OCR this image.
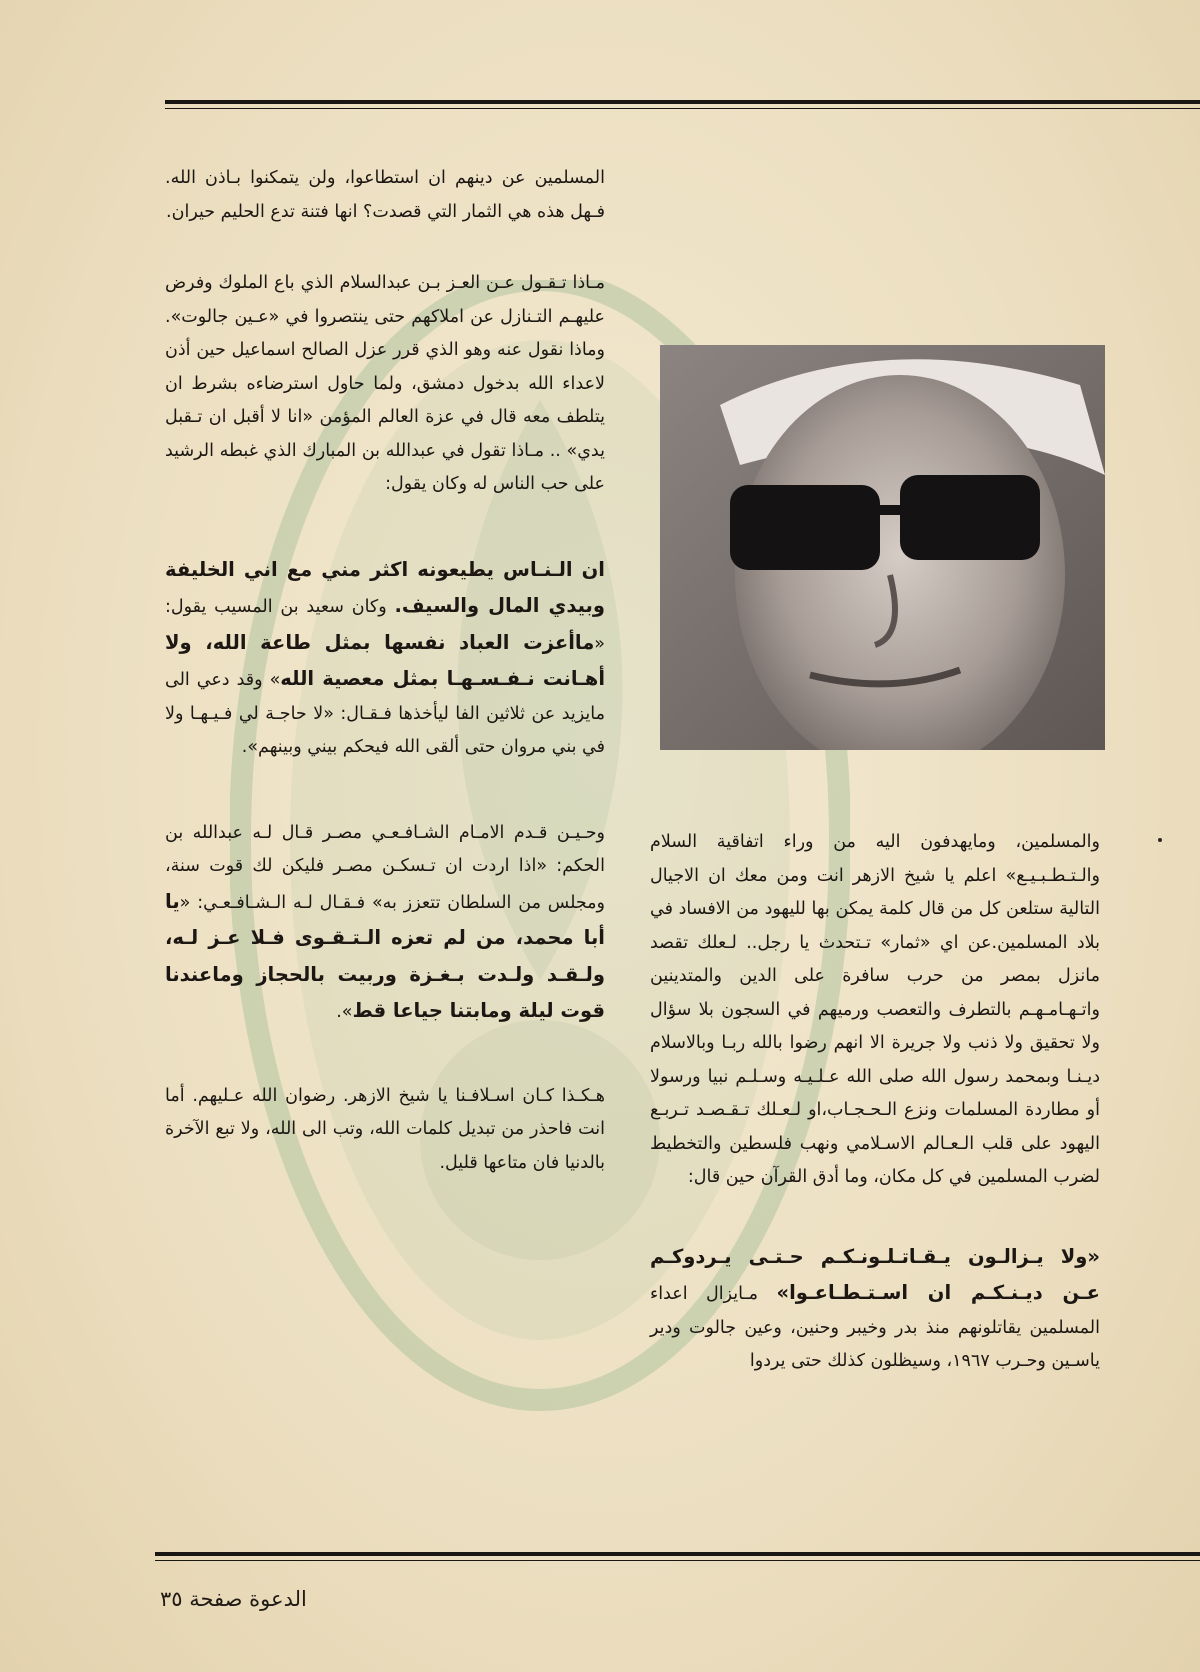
المسلمين عن دينهم ان استطاعوا، ولن يتمكنوا بـاذن الله. فـهل هذه هي الثمار التي قصدت؟ انها فتنة تدع الحليم حيران.

مـاذا تـقـول عـن العـز بـن عبدالسلام الذي باع الملوك وفرض عليهـم التـنازل عن املاكهم حتى ينتصروا في «عـين جالوت». وماذا نقول عنه وهو الذي قرر عزل الصالح اسماعيل حين أذن لاعداء الله بدخول دمشق، ولما حاول استرضاءه بشرط ان يتلطف معه قال في عزة العالم المؤمن «انا لا أقبل ان تـقبل يدي» .. مـاذا تقول في عبدالله بن المبارك الذي غبطه الرشيد على حب الناس له وكان يقول:

ان الـنـاس يطيعونه اكثر مني مع اني الخليفة وبيدي المال والسيف. وكان سعيد بن المسيب يقول: «ماأعزت العباد نفسها بمثل طاعة الله، ولا أهـانت نـفـسـهـا بمثل معصية الله» وقد دعي الى مايزيد عن ثلاثين الفا ليأخذها فـقـال: «لا حاجـة لي فـيـهـا ولا في بني مروان حتى ألقى الله فيحكم بيني وبينهم».

وحـيـن قـدم الامـام الشـافـعـي مصـر قـال لـه عبدالله بن الحكم: «اذا اردت ان تـسكـن مصـر فليكن لك قوت سنة، ومجلس من السلطان تتعزز به» فـقـال لـه الـشـافـعـي: «يا أبا محمد، من لم تعزه الـتـقـوى فـلا عـز لـه، ولـقـد ولـدت بـغـزة وربيت بالحجاز وماعندنا قوت ليلة ومابتنا جياعا قط».

هـكـذا كـان اسـلافـنا يا شيخ الازهر. رضوان الله عـليهم. أما انت فاحذر من تبديل كلمات الله، وتب الى الله، ولا تبع الآخرة بالدنيا فان متاعها قليل.

والمسلمين، ومايهدفون اليه من وراء اتفاقية السلام والـتـطـبـيـع» اعلم يا شيخ الازهر انت ومن معك ان الاجيال التالية ستلعن كل من قال كلمة يمكن بها لليهود من الافساد في بلاد المسلمين.عن اي «ثمار» تـتحدث يا رجل.. لـعلك تقصد مانزل بمصر من حرب سافرة على الدين والمتدينين واتـهـامـهـم بالتطرف والتعصب ورميهم في السجون بلا سؤال ولا تحقيق ولا ذنب ولا جريرة الا انهم رضوا بالله ربـا وبالاسلام ديـنـا وبمحمد رسول الله صلى الله عـلـيـه وسـلـم نبيا ورسولا أو مطاردة المسلمات ونزع الـحـجـاب،او لـعـلك تـقـصـد تـربـع اليهود على قلب الـعـالم الاسـلامي ونهب فلسطين والتخطيط لضرب المسلمين في كل مكان، وما أدق القرآن حين قال:

«ولا يـزالـون يـقـاتـلـونـكـم حـتـى يـردوكـم عـن ديـنـكـم ان اسـتـطـاعـوا» مـايزال اعداء المسلمين يقاتلونهم منذ بدر وخيبر وحنين، وعين جالوت ودير ياسـين وحـرب ١٩٦٧، وسيظلون كذلك حتى يردوا

الدعوة صفحة ٣٥
